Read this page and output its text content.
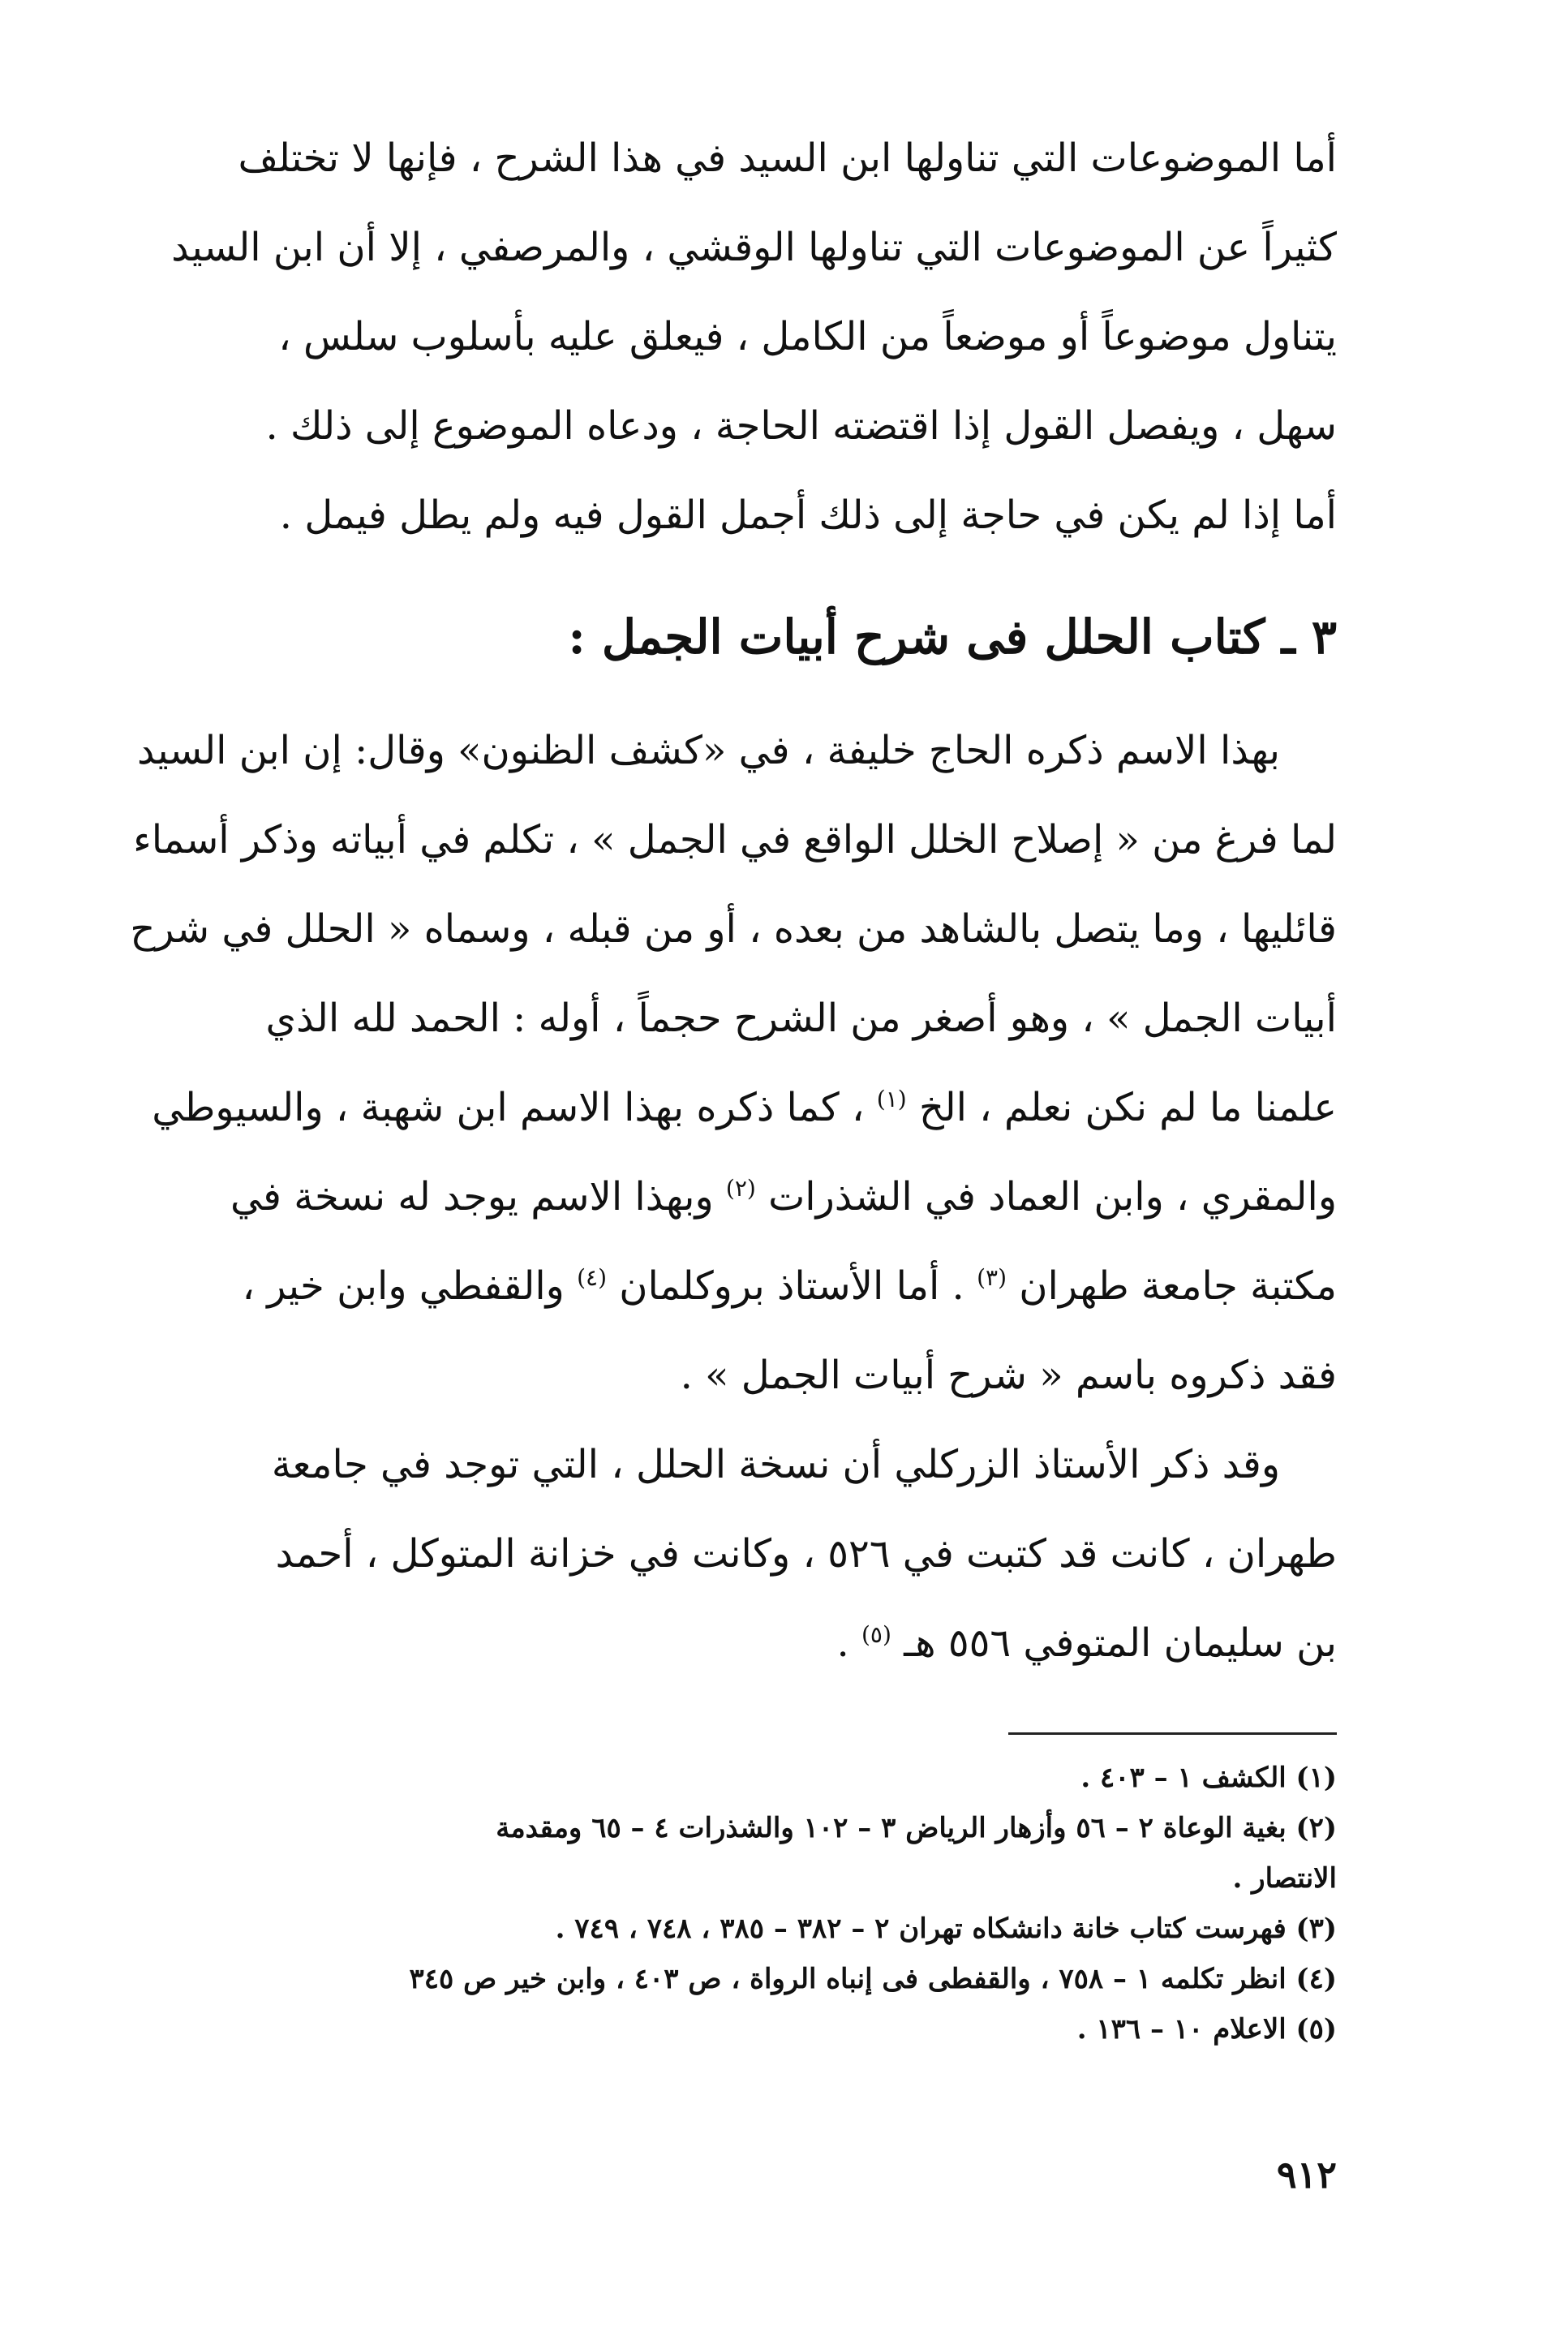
أما الموضوعات التي تناولها ابن السيد في هذا الشرح ، فإنها لا تختلف
كثيراً عن الموضوعات التي تناولها الوقشي ، والمرصفي ، إلا أن ابن السيد
يتناول موضوعاً أو موضعاً من الكامل ، فيعلق عليه بأسلوب سلس ،
سهل ، ويفصل القول إذا اقتضته الحاجة ، ودعاه الموضوع إلى ذلك .
أما إذا لم يكن في حاجة إلى ذلك أجمل القول فيه ولم يطل فيمل .
٣ ـ كتاب الحلل فى شرح أبيات الجمل :
بهذا الاسم ذكره الحاج خليفة ، في «كشف الظنون» وقال: إن ابن السيد
لما فرغ من « إصلاح الخلل الواقع في الجمل » ، تكلم في أبياته وذكر أسماء
قائليها ، وما يتصل بالشاهد من بعده ، أو من قبله ، وسماه « الحلل في شرح
أبيات الجمل » ، وهو أصغر من الشرح حجماً ، أوله : الحمد لله الذي
علمنا ما لم نكن نعلم ، الخ $^{(١)}$ ، كما ذكره بهذا الاسم ابن شهبة ، والسيوطي
والمقري ، وابن العماد في الشذرات $^{(٢)}$ وبهذا الاسم يوجد له نسخة في
مكتبة جامعة طهران $^{(٣)}$ . أما الأستاذ بروكلمان $^{(٤)}$ والقفطي وابن خير ،
فقد ذكروه باسم « شرح أبيات الجمل » .
وقد ذكر الأستاذ الزركلي أن نسخة الحلل ، التي توجد في جامعة
طهران ، كانت قد كتبت في ٥٢٦ ، وكانت في خزانة المتوكل ، أحمد
بن سليمان المتوفي ٥٥٦ هـ $^{(٥)}$ .
(١) الكشف ١ – ٤٠٣ .
(٢) بغية الوعاة ٢ – ٥٦ وأزهار الرياض ٣ – ١٠٢ والشذرات ٤ – ٦٥ ومقدمة
الانتصار .
(٣) فهرست كتاب خانة دانشكاه تهران ٢ – ٣٨٢ – ٣٨٥ ، ٧٤٨ ، ٧٤٩ .
(٤) انظر تكلمه ١ – ٧٥٨ ، والقفطى فى إنباه الرواة ، ص ٤٠٣ ، وابن خير ص ٣٤٥
(٥) الاعلام ١٠ – ١٣٦ .
٩١٢
